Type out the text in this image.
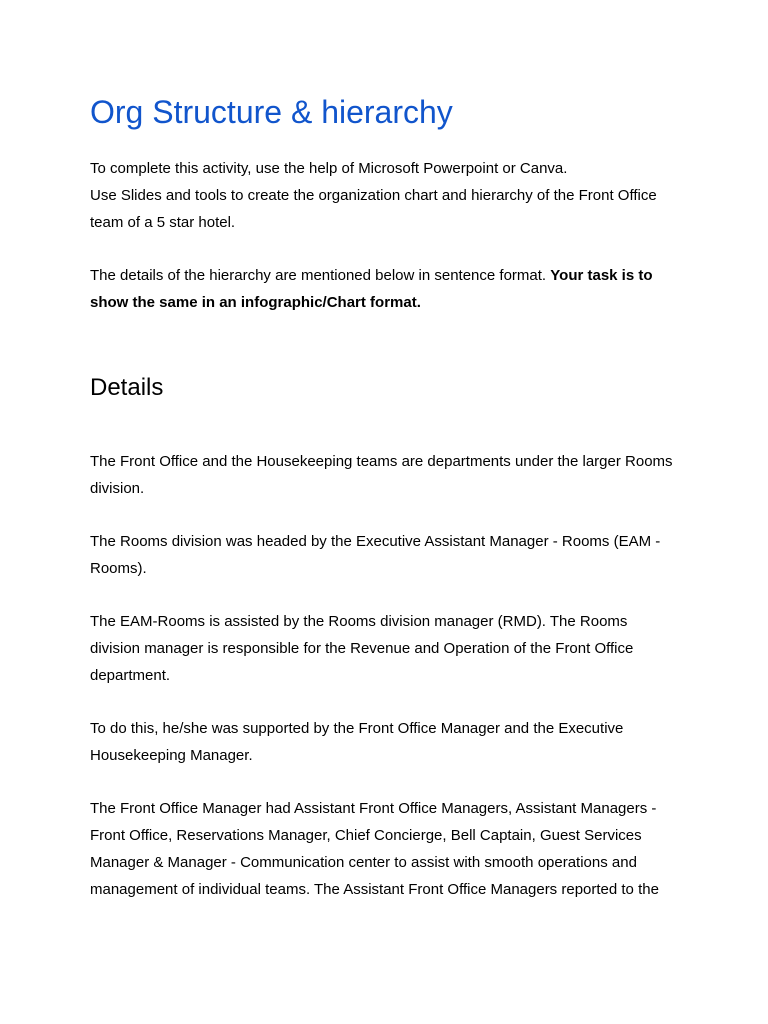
Org Structure & hierarchy

To complete this activity, use the help of Microsoft Powerpoint or Canva.
Use Slides and tools to create the organization chart and hierarchy of the Front Office
team of a 5 star hotel.

The details of the hierarchy are mentioned below in sentence format. Your task is to
show the same in an infographic/Chart format.

Details

The Front Office and the Housekeeping teams are departments under the larger Rooms
division.

The Rooms division was headed by the Executive Assistant Manager - Rooms (EAM -
Rooms).

The EAM-Rooms is assisted by the Rooms division manager (RMD). The Rooms
division manager is responsible for the Revenue and Operation of the Front Office
department.

To do this, he/she was supported by the Front Office Manager and the Executive
Housekeeping Manager.

The Front Office Manager had Assistant Front Office Managers, Assistant Managers -
Front Office, Reservations Manager, Chief Concierge, Bell Captain, Guest Services
Manager & Manager - Communication center to assist with smooth operations and
management of individual teams. The Assistant Front Office Managers reported to the
